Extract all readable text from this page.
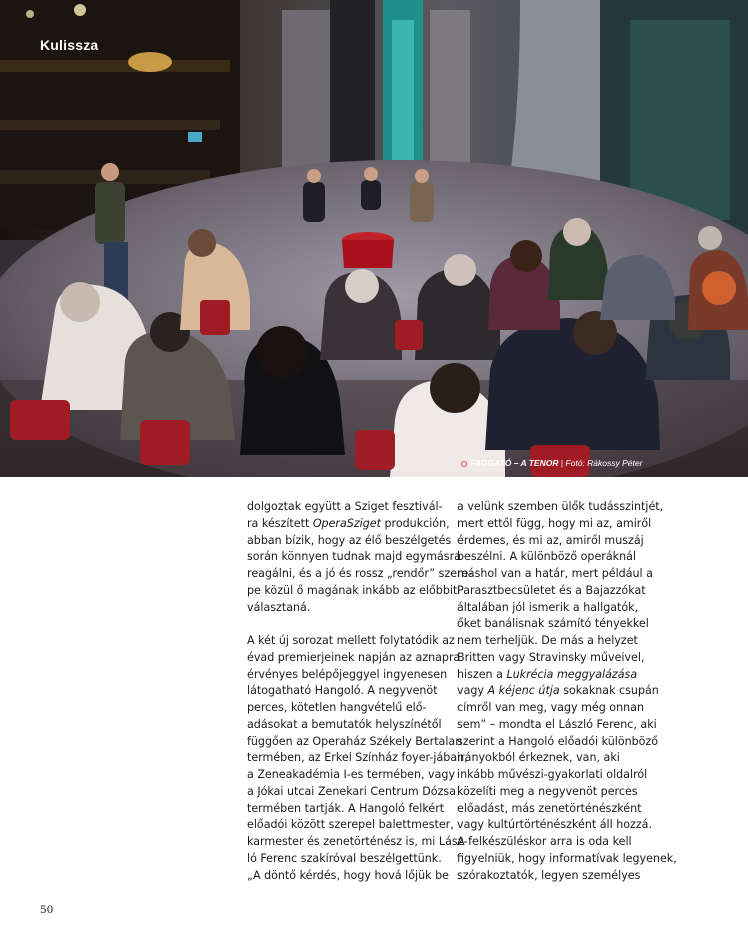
Kulissza
FAGGATÓ – A TENOR | Fotó: Rákossy Péter

dolgoztak együtt a Sziget fesztivál-
ra készített OperaSziget produkción,
abban bízik, hogy az élő beszélgetés
során könnyen tudnak majd egymásra
reagálni, és a jó és rossz „rendőr” szere-
pe közül ő magának inkább az előbbit
választaná.

A két új sorozat mellett folytatódik az
évad premierjeinek napján az aznapra
érvényes belépőjeggyel ingyenesen
látogatható Hangoló. A negyvenöt
perces, kötetlen hangvételű elő-
adásokat a bemutatók helyszínétől
függően az Operaház Székely Bertalan
termében, az Erkel Színház foyer-jában,
a Zeneakadémia I-es termében, vagy
a Jókai utcai Zenekari Centrum Dózsa
termében tartják. A Hangoló felkért
előadói között szerepel balettmester,
karmester és zenetörténész is, mi Lász-
ló Ferenc szakíróval beszélgettünk.
„A döntő kérdés, hogy hová lőjük be

a velünk szemben ülők tudásszintjét,
mert ettől függ, hogy mi az, amiről
érdemes, és mi az, amiről muszáj
beszélni. A különböző operáknál
máshol van a határ, mert például a
Parasztbecsületet és a Bajazzókat
általában jól ismerik a hallgatók,
őket banálisnak számító tényekkel
nem terheljük. De más a helyzet
Britten vagy Stravinsky műveivel,
hiszen a Lukrécia meggyalázása
vagy A kéjenc útja sokaknak csupán
címről van meg, vagy még onnan
sem” – mondta el László Ferenc, aki
szerint a Hangoló előadói különböző
irányokból érkeznek, van, aki
inkább művészi-gyakorlati oldalról
közelíti meg a negyvenöt perces
előadást, más zenetörténészként
vagy kultúrtörténészként áll hozzá.
A felkészüléskor arra is oda kell
figyelniük, hogy informatívak legyenek,
szórakoztatók, legyen személyes

50
